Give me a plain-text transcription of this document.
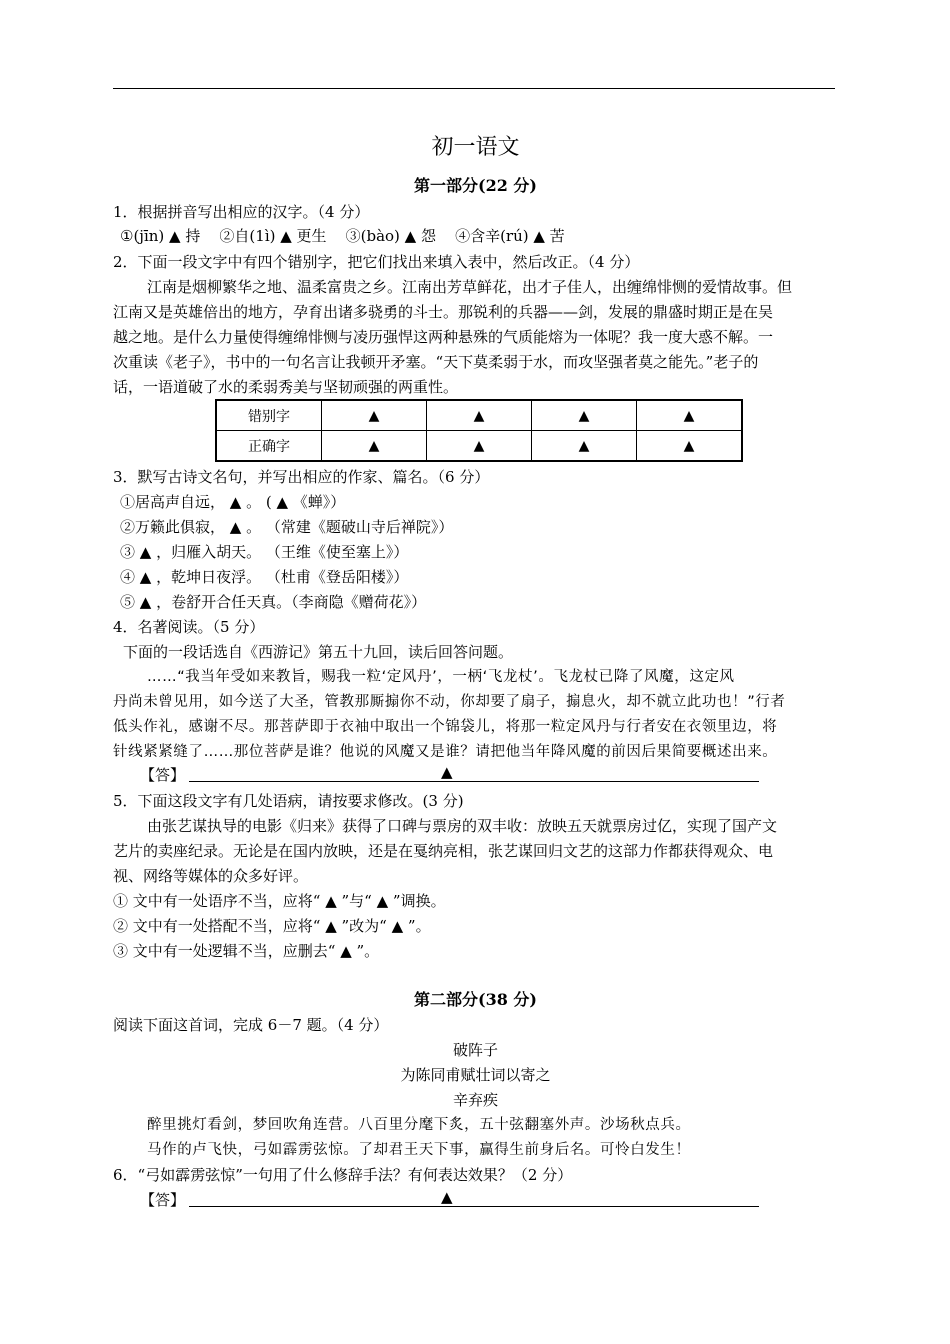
初一语文
第一部分(22 分)
1．根据拼音写出相应的汉字。（4 分）
①(jīn) ▲ 持 ②自(1ì) ▲ 更生 ③(bào) ▲ 怨 ④含辛(rú) ▲ 苦
2．下面一段文字中有四个错别字，把它们找出来填入表中，然后改正。（4 分）
江南是烟柳繁华之地、温柔富贵之乡。江南出芳草鲜花，出才子佳人，出缠绵悱恻的爱情故事。但
江南又是英雄倍出的地方，孕育出诸多骁勇的斗士。那锐利的兵器——剑，发展的鼎盛时期正是在吴
越之地。是什么力量使得缠绵悱恻与凌历强悍这两种悬殊的气质能熔为一体呢？我一度大惑不解。一
次重读《老子》，书中的一句名言让我顿开矛塞。“天下莫柔弱于水，而攻坚强者莫之能先。”老子的
话，一语道破了水的柔弱秀美与坚韧顽强的两重性。
错别字	▲	▲	▲	▲
正确字	▲	▲	▲	▲
3．默写古诗文名句，并写出相应的作家、篇名。（6 分）
①居高声自远， ▲ 。 ( ▲ 《蝉》）
②万籁此俱寂， ▲ 。 （常建《题破山寺后禅院》）
③ ▲ ，归雁入胡天。 （王维《使至塞上》）
④ ▲ ，乾坤日夜浮。 （杜甫《登岳阳楼》）
⑤ ▲ ，卷舒开合任天真。（李商隐《赠荷花》）
4．名著阅读。（5 分）
下面的一段话选自《西游记》第五十九回，读后回答问题。
……“我当年受如来教旨，赐我一粒‘定风丹’，一柄‘飞龙杖’。飞龙杖已降了风魔，这定风
丹尚未曾见用，如今送了大圣，管教那厮搧你不动，你却要了扇子，搧息火，却不就立此功也！”行者
低头作礼，感谢不尽。那菩萨即于衣袖中取出一个锦袋儿，将那一粒定风丹与行者安在衣领里边，将
针线紧紧缝了……那位菩萨是谁？他说的风魔又是谁？请把他当年降风魔的前因后果简要概述出来。
【答】	▲
5．下面这段文字有几处语病，请按要求修改。(3 分)
由张艺谋执导的电影《归来》获得了口碑与票房的双丰收：放映五天就票房过亿，实现了国产文
艺片的卖座纪录。无论是在国内放映，还是在戛纳亮相，张艺谋回归文艺的这部力作都获得观众、电
视、网络等媒体的众多好评。
① 文中有一处语序不当，应将“ ▲ ”与“ ▲ ”调换。
② 文中有一处搭配不当，应将“ ▲ ”改为“ ▲ ”。
③ 文中有一处逻辑不当，应删去“ ▲ ”。
第二部分(38 分)
阅读下面这首词，完成 6－7 题。（4 分）
破阵子
为陈同甫赋壮词以寄之
辛弃疾
醉里挑灯看剑，梦回吹角连营。八百里分麾下炙，五十弦翻塞外声。沙场秋点兵。
马作的卢飞快，弓如霹雳弦惊。了却君王天下事，赢得生前身后名。可怜白发生！
6．“弓如霹雳弦惊”一句用了什么修辞手法？有何表达效果？（2 分）
【答】	▲
